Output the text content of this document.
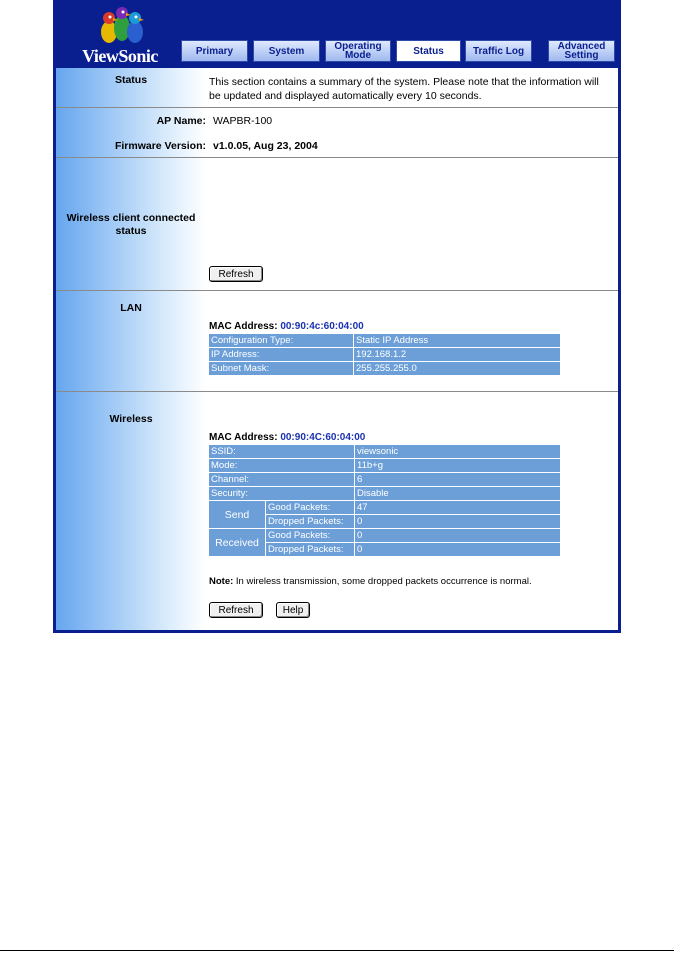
ViewSonic	Primary	System	Operating Mode	Status	Traffic Log	Advanced Setting
Status	This section contains a summary of the system. Please note that the information will be updated and displayed automatically every 10 seconds.
AP Name: WAPBR-100
Firmware Version: v1.0.05, Aug 23, 2004
Wireless client connected status
Refresh
LAN
MAC Address: 00:90:4c:60:04:00
Configuration Type:	Static IP Address
IP Address:	192.168.1.2
Subnet Mask:	255.255.255.0
Wireless
MAC Address: 00:90:4C:60:04:00
SSID:		viewsonic
Mode:		11b+g
Channel:		6
Security:		Disable
Send	Good Packets:	47
	Dropped Packets:	0
Received	Good Packets:	0
	Dropped Packets:	0
Note: In wireless transmission, some dropped packets occurrence is normal.
Refresh	Help
